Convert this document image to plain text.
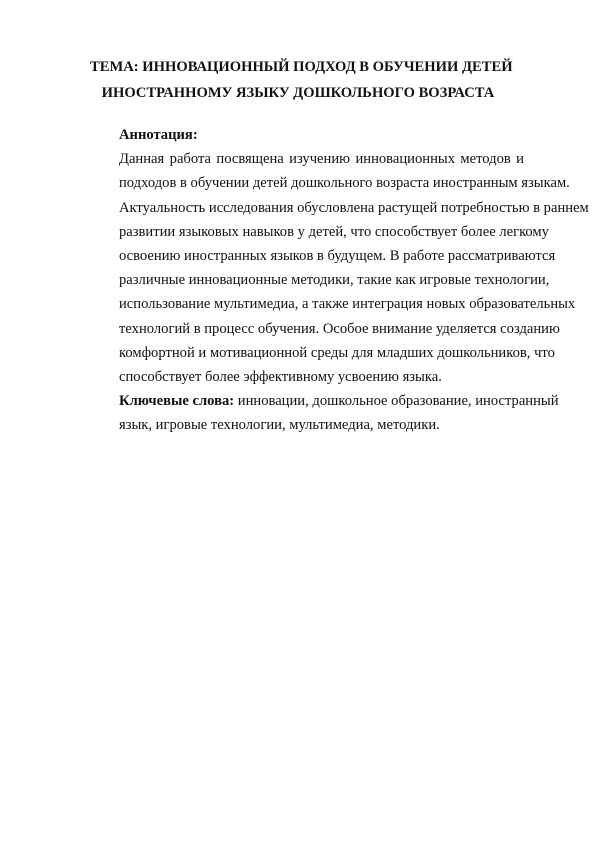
ТЕМА: ИННОВАЦИОННЫЙ ПОДХОД В ОБУЧЕНИИ ДЕТЕЙ
ИНОСТРАННОМУ ЯЗЫКУ ДОШКОЛЬНОГО ВОЗРАСТА

Аннотация:

Данная работа посвящена изучению инновационных методов и
подходов в обучении детей дошкольного возраста иностранным языкам.
Актуальность исследования обусловлена растущей потребностью в раннем
развитии языковых навыков у детей, что способствует более легкому
освоению иностранных языков в будущем. В работе рассматриваются
различные инновационные методики, такие как игровые технологии,
использование мультимедиа, а также интеграция новых образовательных
технологий в процесс обучения. Особое внимание уделяется созданию
комфортной и мотивационной среды для младших дошкольников, что
способствует более эффективному усвоению языка.

Ключевые слова: инновации, дошкольное образование, иностранный
язык, игровые технологии, мультимедиа, методики.
